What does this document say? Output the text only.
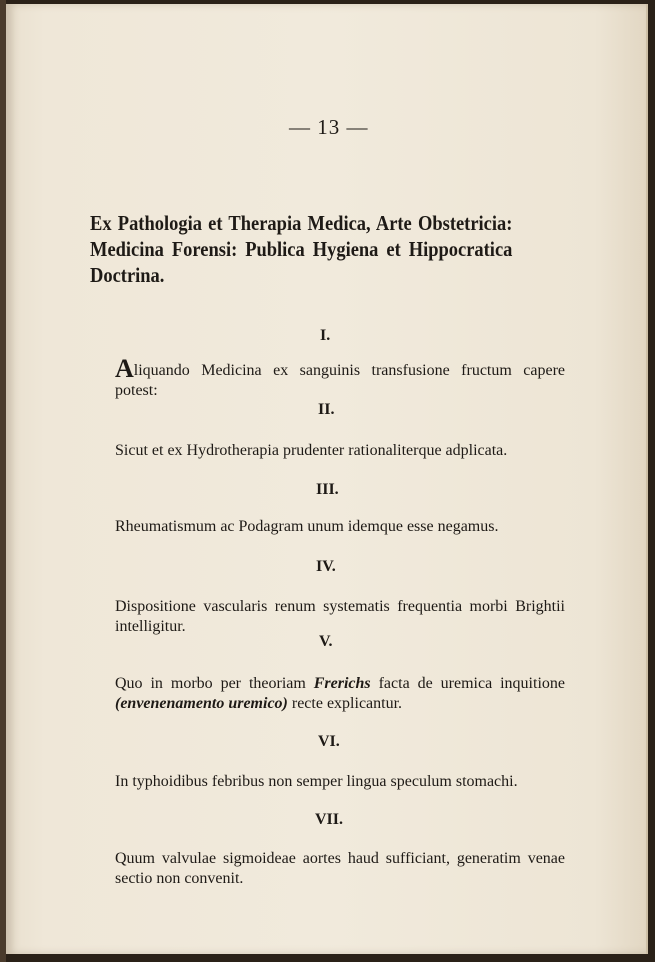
— 13 —
Ex Pathologia et Therapia Medica, Arte Obstetricia: Medicina Forensi: Publica Hygiena et Hippocratica Doctrina.
I.
Aliquando Medicina ex sanguinis transfusione fructum capere potest:
II.
Sicut et ex Hydrotherapia prudenter rationaliterque adplicata.
III.
Rheumatismum ac Podagram unum idemque esse negamus.
IV.
Dispositione vascularis renum systematis frequentia morbi Brightii intelligitur.
V.
Quo in morbo per theoriam Frerichs facta de uremica inquitione (envenenamento uremico) recte explicantur.
VI.
In typhoidibus febribus non semper lingua speculum stomachi.
VII.
Quum valvulae sigmoideae aortes haud sufficiant, generatim venae sectio non convenit.
